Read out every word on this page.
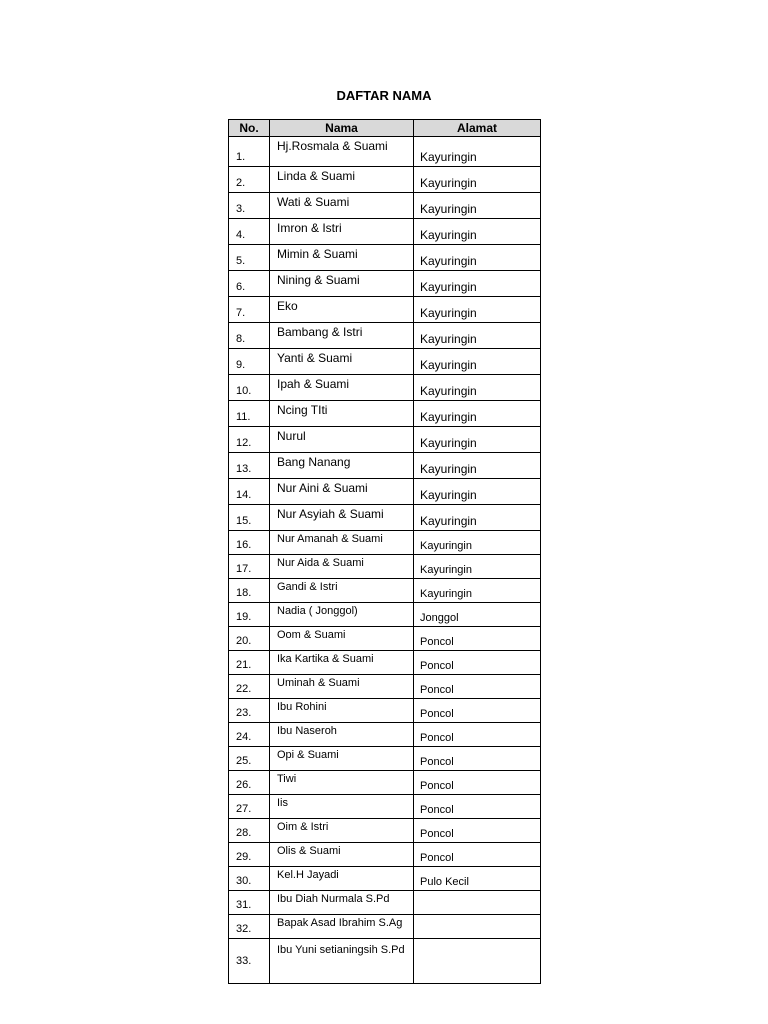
DAFTAR NAMA
No.	Nama	Alamat
1.	Hj.Rosmala & Suami	Kayuringin
2.	Linda & Suami	Kayuringin
3.	Wati & Suami	Kayuringin
4.	Imron & Istri	Kayuringin
5.	Mimin & Suami	Kayuringin
6.	Nining & Suami	Kayuringin
7.	Eko	Kayuringin
8.	Bambang & Istri	Kayuringin
9.	Yanti & Suami	Kayuringin
10.	Ipah & Suami	Kayuringin
11.	Ncing TIti	Kayuringin
12.	Nurul	Kayuringin
13.	Bang Nanang	Kayuringin
14.	Nur Aini & Suami	Kayuringin
15.	Nur Asyiah & Suami	Kayuringin
16.	Nur Amanah & Suami	Kayuringin
17.	Nur Aida & Suami	Kayuringin
18.	Gandi & Istri	Kayuringin
19.	Nadia ( Jonggol)	Jonggol
20.	Oom & Suami	Poncol
21.	Ika Kartika & Suami	Poncol
22.	Uminah & Suami	Poncol
23.	Ibu Rohini	Poncol
24.	Ibu Naseroh	Poncol
25.	Opi & Suami	Poncol
26.	Tiwi	Poncol
27.	Iis	Poncol
28.	Oim & Istri	Poncol
29.	Olis & Suami	Poncol
30.	Kel.H Jayadi	Pulo Kecil
31.	Ibu Diah Nurmala S.Pd	
32.	Bapak Asad Ibrahim S.Ag	
33.	Ibu Yuni setianingsih S.Pd	
